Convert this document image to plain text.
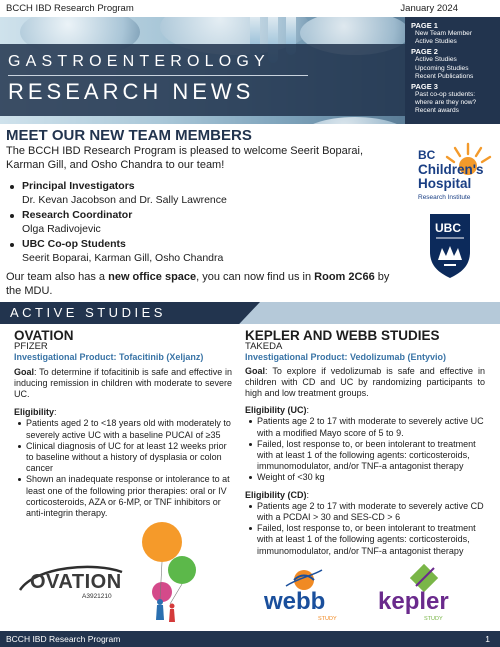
BCCH IBD Research Program	January 2024
GASTROENTEROLOGY
RESEARCH NEWS
PAGE 1
New Team Member
Active Studies
PAGE 2
Active Studies
Upcoming Studies
Recent Publications
PAGE 3
Past co-op students: where are they now?
Recent awards
MEET OUR NEW TEAM MEMBERS
The BCCH IBD Research Program is pleased to welcome Seerit Boparai, Karman Gill, and Osho Chandra to our team!
Principal Investigators
Dr. Kevan Jacobson and Dr. Sally Lawrence
Research Coordinator
Olga Radivojevic
UBC Co-op Students
Seerit Boparai, Karman Gill, Osho Chandra
Our team also has a new office space, you can now find us in Room 2C66 by the MDU.
BC
Children's
Hospital
Research Institute
UBC
ACTIVE STUDIES
OVATION
PFIZER
Investigational Product: Tofacitinib (Xeljanz)
Goal: To determine if tofacitinib is safe and effective in inducing remission in children with moderate to severe UC.
Eligibility:
Patients aged 2 to <18 years old with moderately to severely active UC with a baseline PUCAI of ≥35
Clinical diagnosis of UC for at least 12 weeks prior to baseline without a history of dysplasia or colon cancer
Shown an inadequate response or intolerance to at least one of the following prior therapies: oral or IV corticosteroids, AZA or 6-MP, or TNF inhibitors or anti-integrin therapy.
OVATION
A3921210
KEPLER AND WEBB STUDIES
TAKEDA
Investigational Product: Vedolizumab (Entyvio)
Goal: To explore if vedolizumab is safe and effective in children with CD and UC by randomizing participants to high and low treatment groups.
Eligibility (UC):
Patients age 2 to 17 with moderate to severely active UC with a modified Mayo score of 5 to 9.
Failed, lost response to, or been intolerant to treatment with at least 1 of the following agents: corticosteroids, immunomodulator, and/or TNF-a antagonist therapy
Weight of <30 kg
Eligibility (CD):
Patients age 2 to 17 with moderate to severely active CD with a PCDAI > 30 and SES-CD > 6
Failed, lost response to, or been intolerant to treatment with at least 1 of the following agents: corticosteroids, immunomodulator, and/or TNF-a antagonist therapy
webb
STUDY
kepler
STUDY
BCCH IBD Research Program	1
